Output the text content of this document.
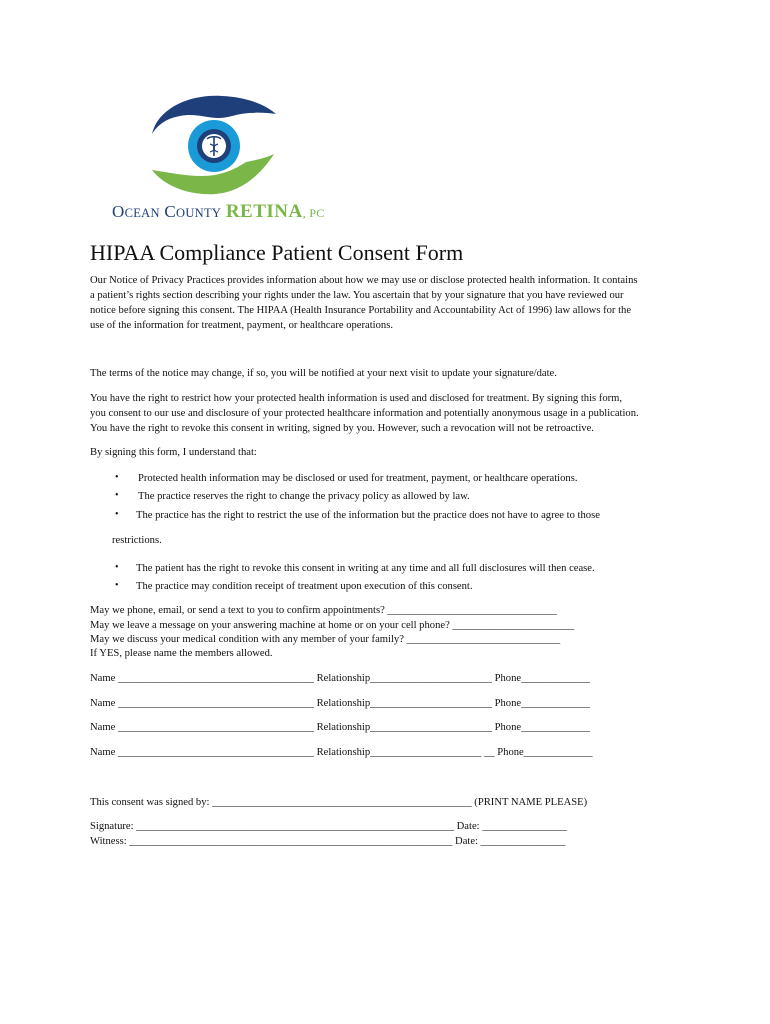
OCEAN COUNTY RETINA, PC
HIPAA Compliance Patient Consent Form

Our Notice of Privacy Practices provides information about how we may use or disclose protected health information. It contains

a patient’s rights section describing your rights under the law. You ascertain that by your signature that you have reviewed our

notice before signing this consent. The HIPAA (Health Insurance Portability and Accountability Act of 1996) law allows for the

use of the information for treatment, payment, or healthcare operations.

The terms of the notice may change, if so, you will be notified at your next visit to update your signature/date.

You have the right to restrict how your protected health information is used and disclosed for treatment. By signing this form,

you consent to our use and disclosure of your protected healthcare information and potentially anonymous usage in a publication.

You have the right to revoke this consent in writing, signed by you. However, such a revocation will not be retroactive.

By signing this form, I understand that:

• Protected health information may be disclosed or used for treatment, payment, or healthcare operations.
• The practice reserves the right to change the privacy policy as allowed by law.
• The practice has the right to restrict the use of the information but the practice does not have to agree to those
restrictions.
• The patient has the right to revoke this consent in writing at any time and all full disclosures will then cease.
• The practice may condition receipt of treatment upon execution of this consent.

May we phone, email, or send a text to you to confirm appointments? ________________________________

May we leave a message on your answering machine at home or on your cell phone? _______________________

May we discuss your medical condition with any member of your family? _____________________________

If YES, please name the members allowed.

Name _____________________________________ Relationship_______________________ Phone_____________
Name _____________________________________ Relationship_______________________ Phone_____________
Name _____________________________________ Relationship_______________________ Phone_____________
Name _____________________________________ Relationship_____________________ __ Phone_____________
This consent was signed by: _________________________________________________ (PRINT NAME PLEASE)
Signature: ____________________________________________________________ Date: ________________
Witness: _____________________________________________________________ Date: ________________
